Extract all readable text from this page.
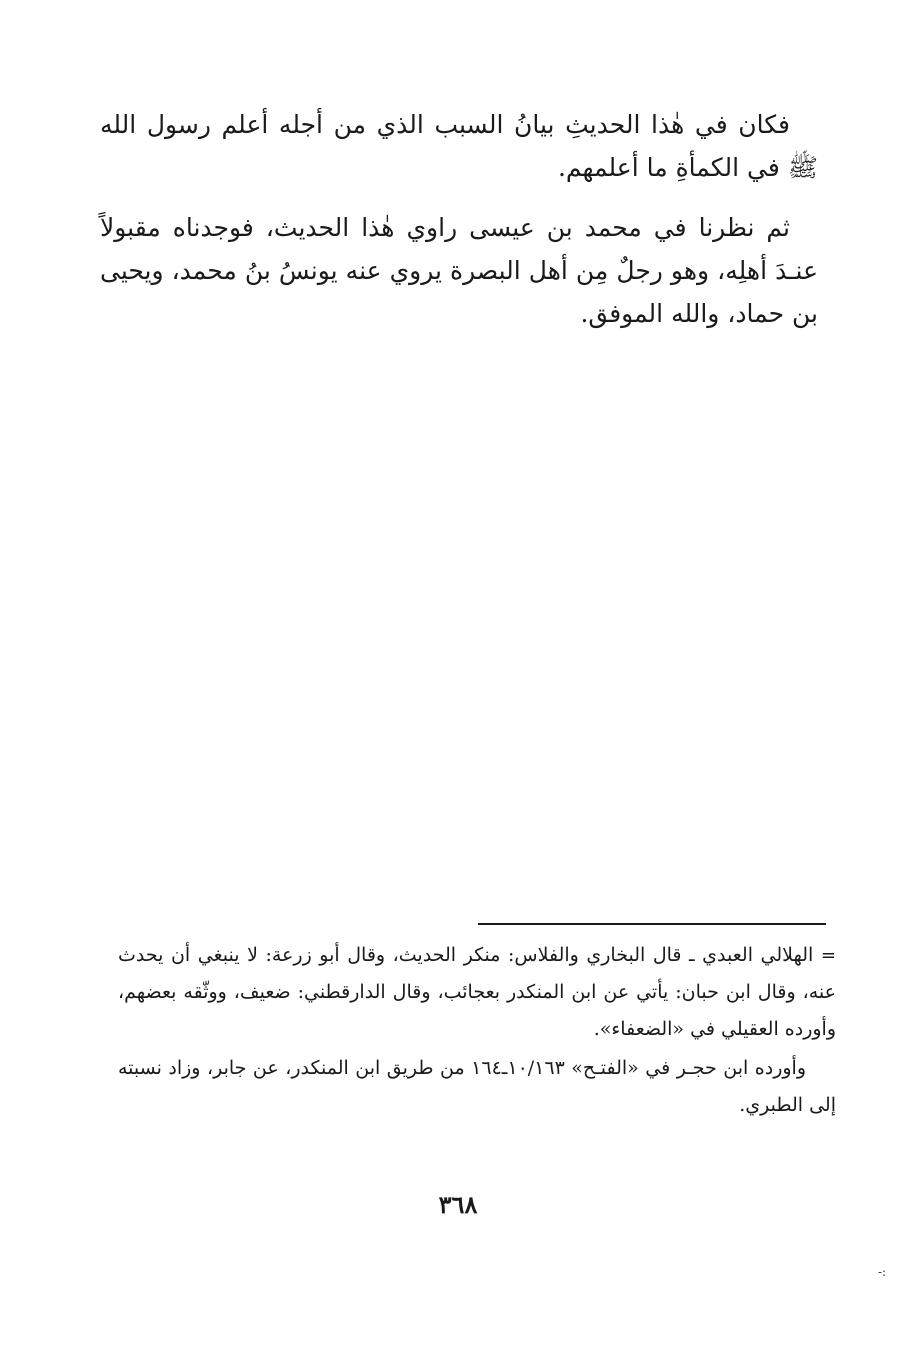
فكان في هٰذا الحديثِ بيانُ السبب الذي من أجله أعلم رسول الله ﷺ في الكمأةِ ما أعلمهم.

ثم نظرنا في محمد بن عيسى راوي هٰذا الحديث، فوجدناه مقبولاً عنـدَ أهلِه، وهو رجلٌ مِن أهل البصرة يروي عنه يونسُ بنُ محمد، ويحيى بن حماد، والله الموفق.

= الهلالي العبدي ـ قال البخاري والفلاس: منكر الحديث، وقال أبو زرعة: لا ينبغي أن يحدث عنه، وقال ابن حبان: يأتي عن ابن المنكدر بعجائب، وقال الدارقطني: ضعيف، ووثّقه بعضهم، وأورده العقيلي في «الضعفاء».

وأورده ابن حجـر في «الفتـح» ١٠/١٦٣ـ١٦٤ من طريق ابن المنكدر، عن جابر، وزاد نسبته إلى الطبري.

٣٦٨
-:
